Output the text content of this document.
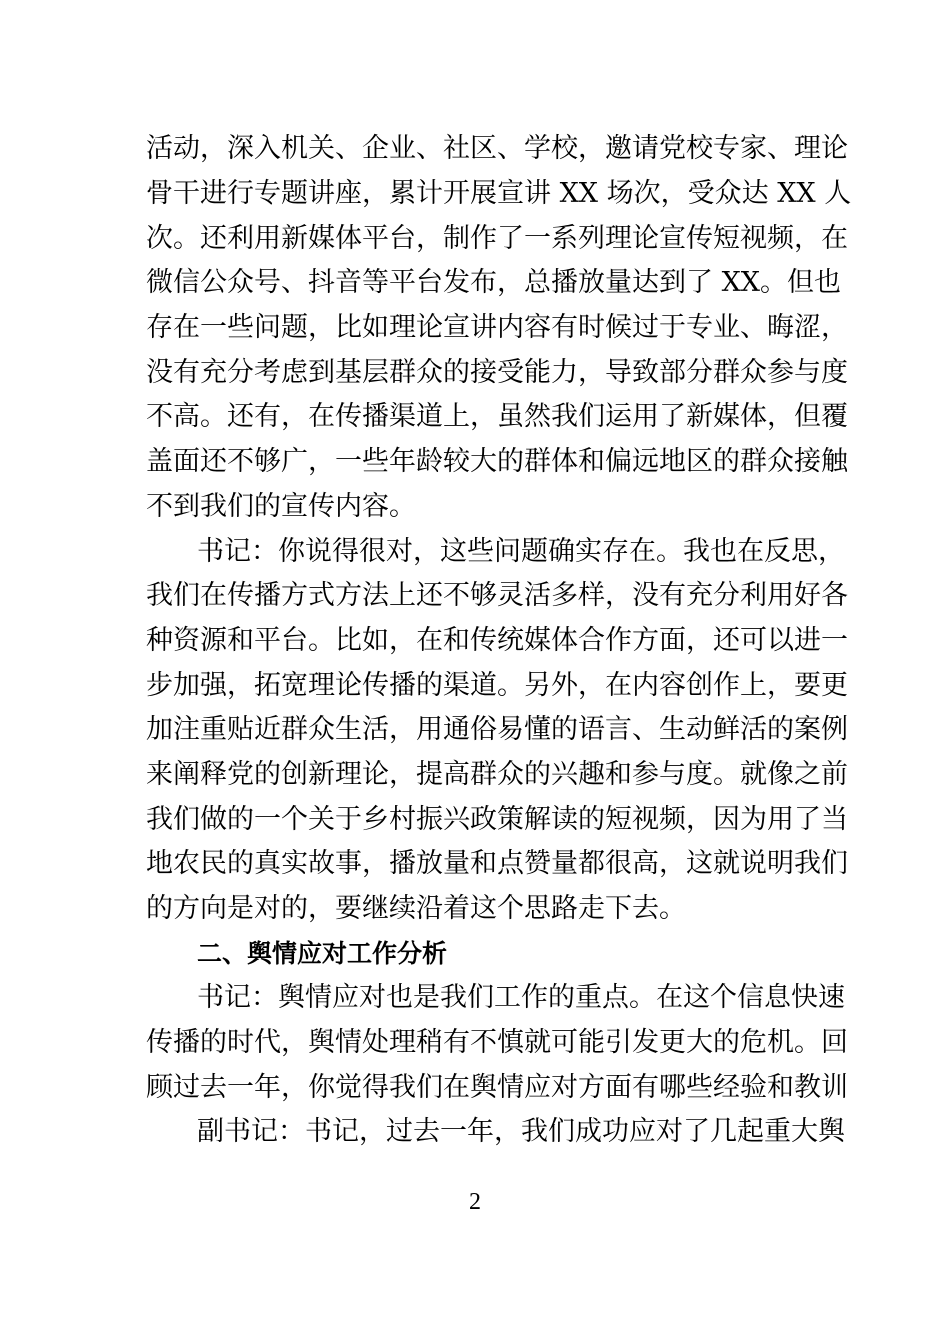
活动，深入机关、企业、社区、学校，邀请党校专家、理论
骨干进行专题讲座，累计开展宣讲 XX 场次，受众达 XX 人
次。还利用新媒体平台，制作了一系列理论宣传短视频，在
微信公众号、抖音等平台发布，总播放量达到了 XX。但也
存在一些问题，比如理论宣讲内容有时候过于专业、晦涩，
没有充分考虑到基层群众的接受能力，导致部分群众参与度
不高。还有，在传播渠道上，虽然我们运用了新媒体，但覆
盖面还不够广，一些年龄较大的群体和偏远地区的群众接触
不到我们的宣传内容。
书记：你说得很对，这些问题确实存在。我也在反思，
我们在传播方式方法上还不够灵活多样，没有充分利用好各
种资源和平台。比如，在和传统媒体合作方面，还可以进一
步加强，拓宽理论传播的渠道。另外，在内容创作上，要更
加注重贴近群众生活，用通俗易懂的语言、生动鲜活的案例
来阐释党的创新理论，提高群众的兴趣和参与度。就像之前
我们做的一个关于乡村振兴政策解读的短视频，因为用了当
地农民的真实故事，播放量和点赞量都很高，这就说明我们
的方向是对的，要继续沿着这个思路走下去。
二、舆情应对工作分析
书记：舆情应对也是我们工作的重点。在这个信息快速
传播的时代，舆情处理稍有不慎就可能引发更大的危机。回
顾过去一年，你觉得我们在舆情应对方面有哪些经验和教训
副书记：书记，过去一年，我们成功应对了几起重大舆
2
